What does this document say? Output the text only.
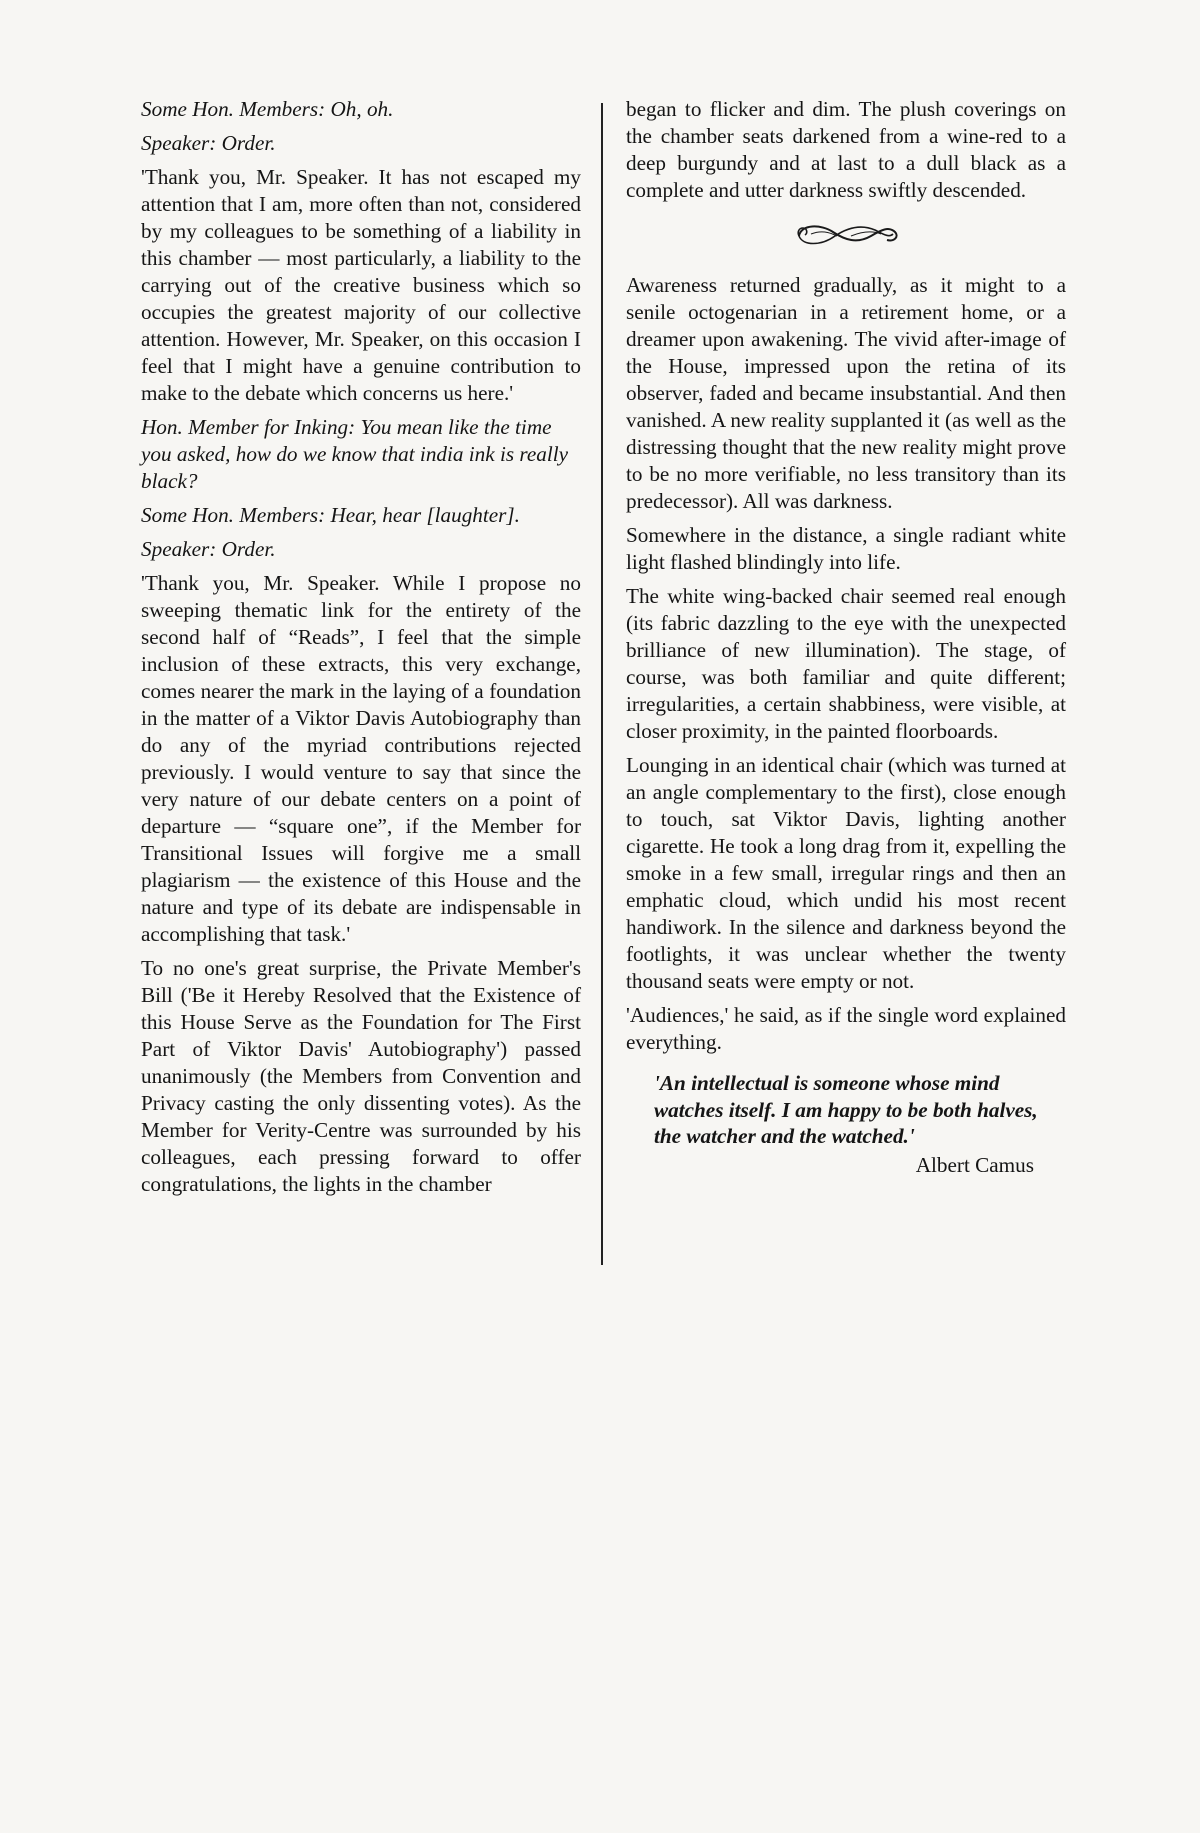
Some Hon. Members: Oh, oh.

Speaker: Order.

'Thank you, Mr. Speaker. It has not escaped my attention that I am, more often than not, considered by my colleagues to be something of a liability in this chamber — most particularly, a liability to the carrying out of the creative business which so occupies the greatest majority of our collective attention. However, Mr. Speaker, on this occasion I feel that I might have a genuine contribution to make to the debate which concerns us here.'

Hon. Member for Inking: You mean like the time you asked, how do we know that india ink is really black?

Some Hon. Members: Hear, hear [laughter].

Speaker: Order.

'Thank you, Mr. Speaker. While I propose no sweeping thematic link for the entirety of the second half of “Reads”, I feel that the simple inclusion of these extracts, this very exchange, comes nearer the mark in the laying of a foundation in the matter of a Viktor Davis Autobiography than do any of the myriad contributions rejected previously. I would venture to say that since the very nature of our debate centers on a point of departure — “square one”, if the Member for Transitional Issues will forgive me a small plagiarism — the existence of this House and the nature and type of its debate are indispensable in accomplishing that task.'

To no one's great surprise, the Private Member's Bill ('Be it Hereby Resolved that the Existence of this House Serve as the Foundation for The First Part of Viktor Davis' Autobiography') passed unanimously (the Members from Convention and Privacy casting the only dissenting votes). As the Member for Verity-Centre was surrounded by his colleagues, each pressing forward to offer congratulations, the lights in the chamber

began to flicker and dim. The plush coverings on the chamber seats darkened from a wine-red to a deep burgundy and at last to a dull black as a complete and utter darkness swiftly descended.

Awareness returned gradually, as it might to a senile octogenarian in a retirement home, or a dreamer upon awakening. The vivid after-image of the House, impressed upon the retina of its observer, faded and became insubstantial. And then vanished. A new reality supplanted it (as well as the distressing thought that the new reality might prove to be no more verifiable, no less transitory than its predecessor). All was darkness.

Somewhere in the distance, a single radiant white light flashed blindingly into life.

The white wing-backed chair seemed real enough (its fabric dazzling to the eye with the unexpected brilliance of new illumination). The stage, of course, was both familiar and quite different; irregularities, a certain shabbiness, were visible, at closer proximity, in the painted floorboards.

Lounging in an identical chair (which was turned at an angle complementary to the first), close enough to touch, sat Viktor Davis, lighting another cigarette. He took a long drag from it, expelling the smoke in a few small, irregular rings and then an emphatic cloud, which undid his most recent handiwork. In the silence and darkness beyond the footlights, it was unclear whether the twenty thousand seats were empty or not.

'Audiences,' he said, as if the single word explained everything.

'An intellectual is someone whose mind watches itself. I am happy to be both halves, the watcher and the watched.'

Albert Camus
